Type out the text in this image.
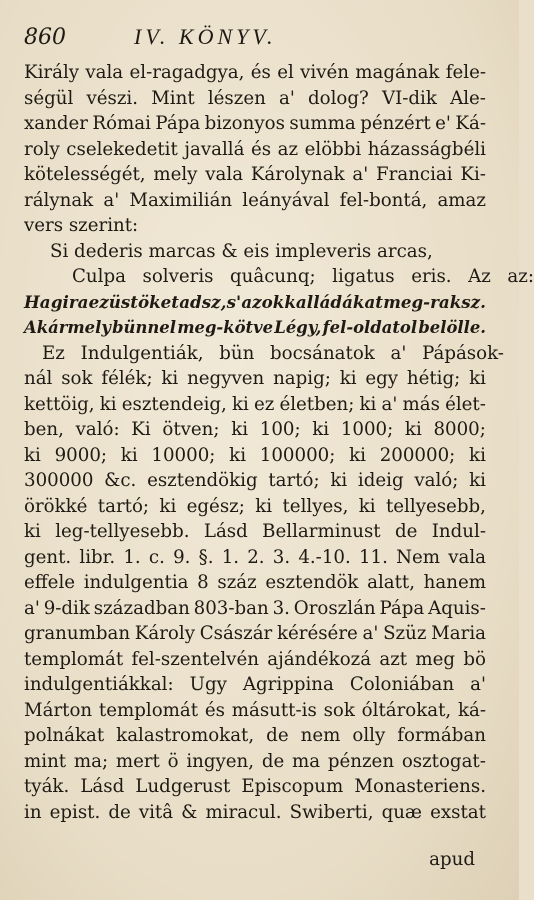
860	IV. KÖNYV.
Király vala el-ragadgya, és el vivén magának fele-
ségül vészi. Mint lészen a' dolog? VI-dik Ale-
xander Római Pápa bizonyos summa pénzért e' Ká-
roly cselekedetit javallá és az elöbbi házasságbéli
kötelességét, mely vala Károlynak a' Franciai Ki-
rálynak a' Maximilián leányával fel-bontá, amaz
vers szerint:
Si dederis marcas & eis impleveris arcas,
Culpa solveris quâcunq; ligatus eris. Az az:
Ha gira ezüstöket adsz, s' azokkal ládákat meg-raksz.
Akármely bünnel meg-kötve Légy, fel-oldatol belölle.
Ez Indulgentiák, bün bocsánatok a' Pápások-
nál sok félék; ki negyven napig; ki egy hétig; ki
kettöig, ki esztendeig, ki ez életben; ki a' más élet-
ben, való: Ki ötven; ki 100; ki 1000; ki 8000;
ki 9000; ki 10000; ki 100000; ki 200000; ki
300000 &c. esztendökig tartó; ki ideig való; ki
örökké tartó; ki egész; ki tellyes, ki tellyesebb,
ki leg-tellyesebb. Lásd Bellarminust de Indul-
gent. libr. 1. c. 9. §. 1. 2. 3. 4.-10. 11. Nem vala
effele indulgentia 8 száz esztendök alatt, hanem
a' 9-dik században 803-ban 3. Oroszlán Pápa Aquis-
granumban Károly Császár kérésére a' Szüz Maria
templomát fel-szentelvén ajándékozá azt meg bö
indulgentiákkal: Ugy Agrippina Coloniában a'
Márton templomát és másutt-is sok óltárokat, ká-
polnákat kalastromokat, de nem olly formában
mint ma; mert ö ingyen, de ma pénzen osztogat-
tyák. Lásd Ludgerust Episcopum Monasteriens.
in epist. de vitâ & miracul. Swiberti, quæ exstat
apud
